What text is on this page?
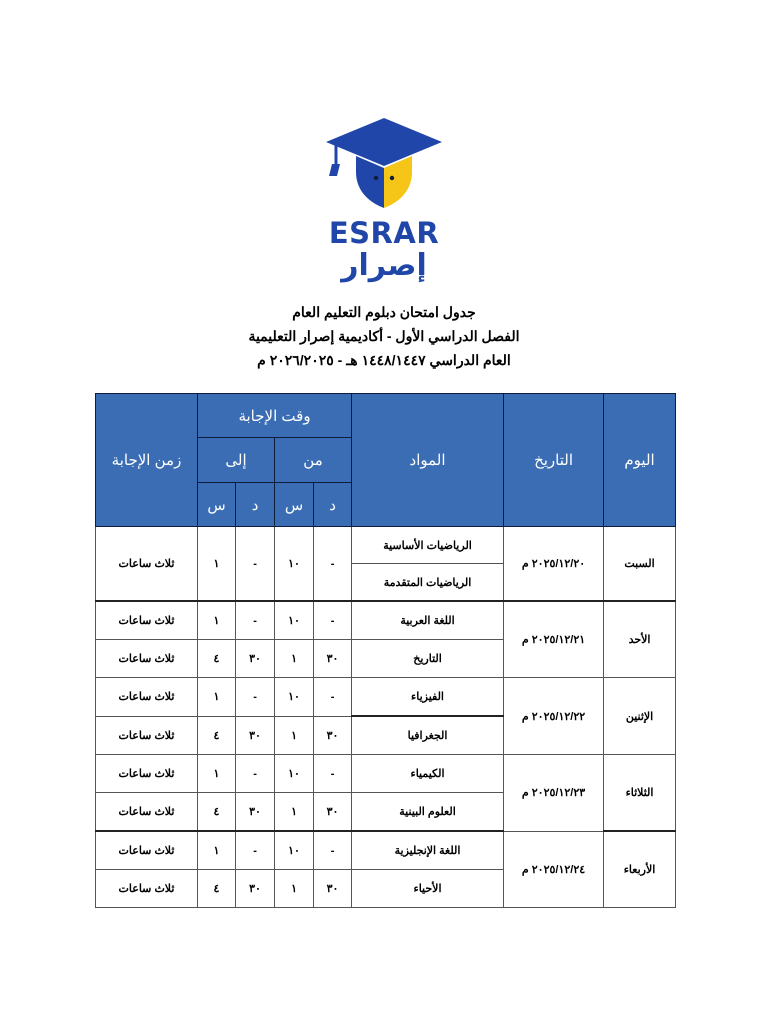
ESRAR
إصرار
جدول امتحان دبلوم التعليم العام
الفصل الدراسي الأول - أكاديمية إصرار التعليمية
العام الدراسي ١٤٤٨/١٤٤٧ هـ - ٢٠٢٦/٢٠٢٥ م
اليوم	التاريخ	المواد	وقت الإجابة				زمن الإجابة
			من		إلى		
			د	س	د	س	
السبت	٢٠٢٥/١٢/٢٠ م	الرياضيات الأساسية	-	١٠	-	١	ثلاث ساعات
		الرياضيات المتقدمة					
الأحد	٢٠٢٥/١٢/٢١ م	اللغة العربية	-	١٠	-	١	ثلاث ساعات
		التاريخ	٣٠	١	٣٠	٤	ثلاث ساعات
الإثنين	٢٠٢٥/١٢/٢٢ م	الفيزياء	-	١٠	-	١	ثلاث ساعات
		الجغرافيا	٣٠	١	٣٠	٤	ثلاث ساعات
الثلاثاء	٢٠٢٥/١٢/٢٣ م	الكيمياء	-	١٠	-	١	ثلاث ساعات
		العلوم البينية	٣٠	١	٣٠	٤	ثلاث ساعات
الأربعاء	٢٠٢٥/١٢/٢٤ م	اللغة الإنجليزية	-	١٠	-	١	ثلاث ساعات
		الأحياء	٣٠	١	٣٠	٤	ثلاث ساعات
